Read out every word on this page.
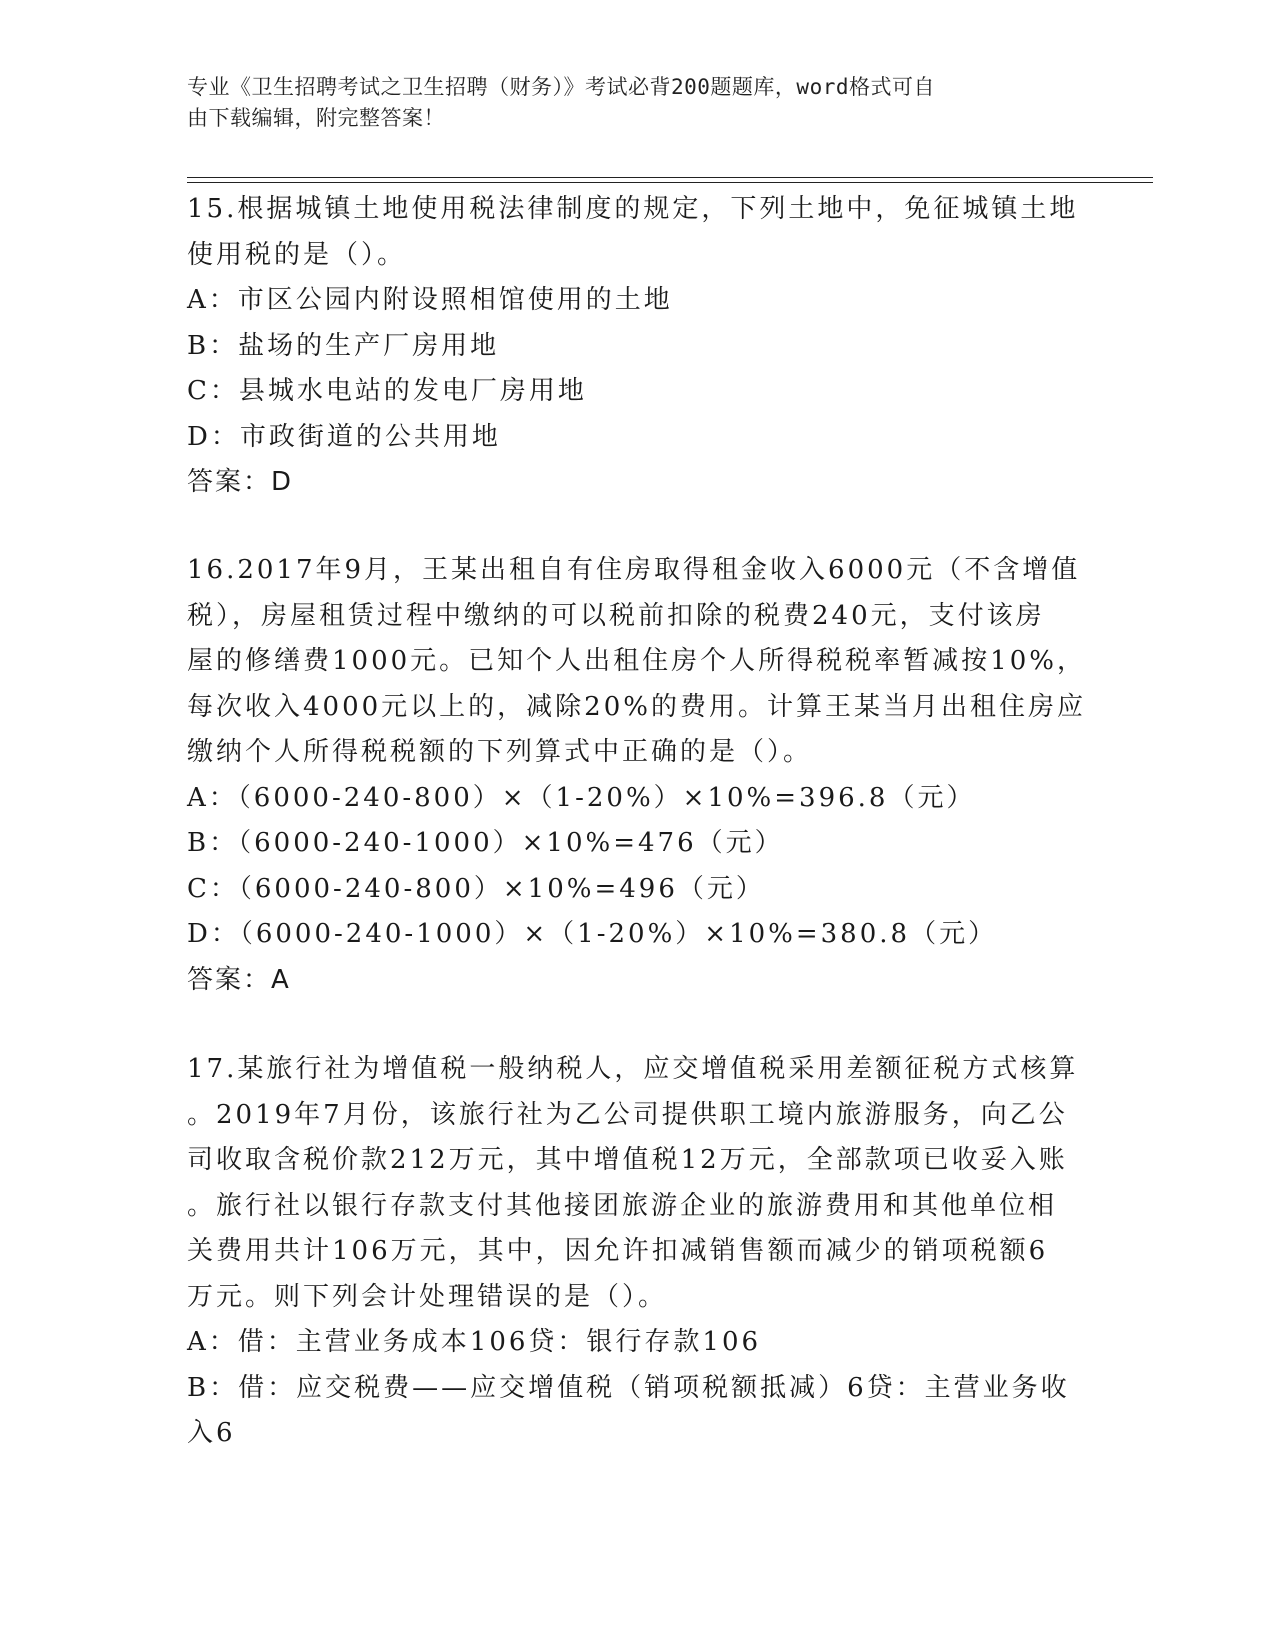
专业《卫生招聘考试之卫生招聘（财务）》考试必背200题题库，word格式可自
由下载编辑，附完整答案！
15.根据城镇土地使用税法律制度的规定，下列土地中，免征城镇土地
使用税的是（）。
A：市区公园内附设照相馆使用的土地
B：盐场的生产厂房用地
C：县城水电站的发电厂房用地
D：市政街道的公共用地
答案：D
16.2017年9月，王某出租自有住房取得租金收入6000元（不含增值
税），房屋租赁过程中缴纳的可以税前扣除的税费240元，支付该房
屋的修缮费1000元。已知个人出租住房个人所得税税率暂减按10%，
每次收入4000元以上的，减除20%的费用。计算王某当月出租住房应
缴纳个人所得税税额的下列算式中正确的是（）。
A：（6000-240-800）×（1-20%）×10%=396.8（元）
B：（6000-240-1000）×10%=476（元）
C：（6000-240-800）×10%=496（元）
D：（6000-240-1000）×（1-20%）×10%=380.8（元）
答案：A
17.某旅行社为增值税一般纳税人，应交增值税采用差额征税方式核算
。2019年7月份，该旅行社为乙公司提供职工境内旅游服务，向乙公
司收取含税价款212万元，其中增值税12万元，全部款项已收妥入账
。旅行社以银行存款支付其他接团旅游企业的旅游费用和其他单位相
关费用共计106万元，其中，因允许扣减销售额而减少的销项税额6
万元。则下列会计处理错误的是（）。
A：借：主营业务成本106贷：银行存款106
B：借：应交税费——应交增值税（销项税额抵减）6贷：主营业务收
入6
